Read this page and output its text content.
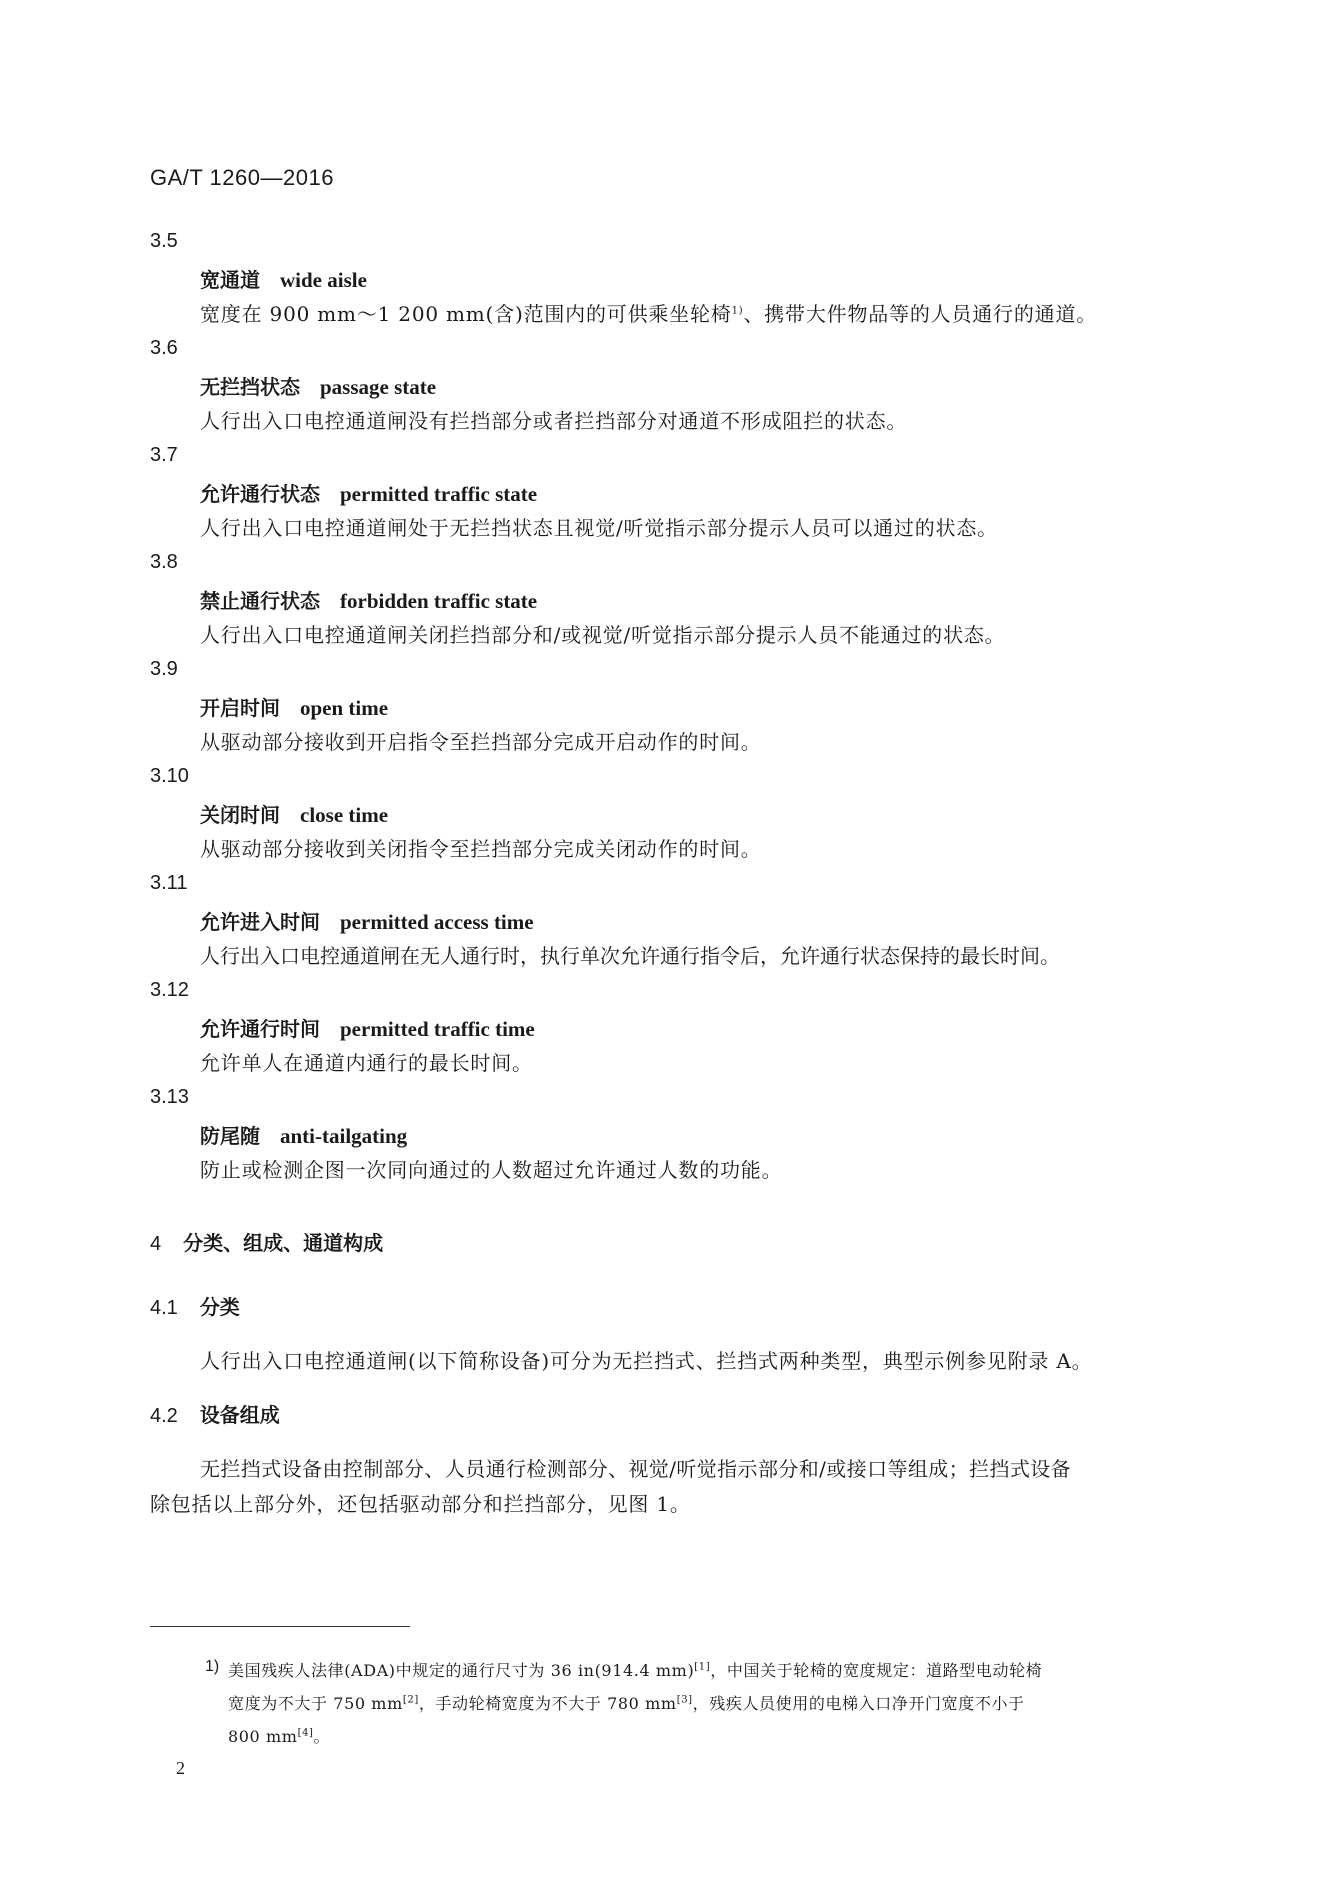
GA/T 1260—2016
3.5
宽通道 wide aisle
宽度在 900 mm～1 200 mm(含)范围内的可供乘坐轮椅$^{1)}$、携带大件物品等的人员通行的通道。
3.6
无拦挡状态 passage state
人行出入口电控通道闸没有拦挡部分或者拦挡部分对通道不形成阻拦的状态。
3.7
允许通行状态 permitted traffic state
人行出入口电控通道闸处于无拦挡状态且视觉/听觉指示部分提示人员可以通过的状态。
3.8
禁止通行状态 forbidden traffic state
人行出入口电控通道闸关闭拦挡部分和/或视觉/听觉指示部分提示人员不能通过的状态。
3.9
开启时间 open time
从驱动部分接收到开启指令至拦挡部分完成开启动作的时间。
3.10
关闭时间 close time
从驱动部分接收到关闭指令至拦挡部分完成关闭动作的时间。
3.11
允许进入时间 permitted access time
人行出入口电控通道闸在无人通行时，执行单次允许通行指令后，允许通行状态保持的最长时间。
3.12
允许通行时间 permitted traffic time
允许单人在通道内通行的最长时间。
3.13
防尾随 anti-tailgating
防止或检测企图一次同向通过的人数超过允许通过人数的功能。
4 分类、组成、通道构成
4.1 分类
人行出入口电控通道闸(以下简称设备)可分为无拦挡式、拦挡式两种类型，典型示例参见附录 A。
4.2 设备组成
无拦挡式设备由控制部分、人员通行检测部分、视觉/听觉指示部分和/或接口等组成；拦挡式设备
除包括以上部分外，还包括驱动部分和拦挡部分，见图 1。
1) 美国残疾人法律(ADA)中规定的通行尺寸为 36 in(914.4 mm)[1]，中国关于轮椅的宽度规定：道路型电动轮椅
宽度为不大于 750 mm[2]，手动轮椅宽度为不大于 780 mm[3]，残疾人员使用的电梯入口净开门宽度不小于
800 mm[4]。
2
